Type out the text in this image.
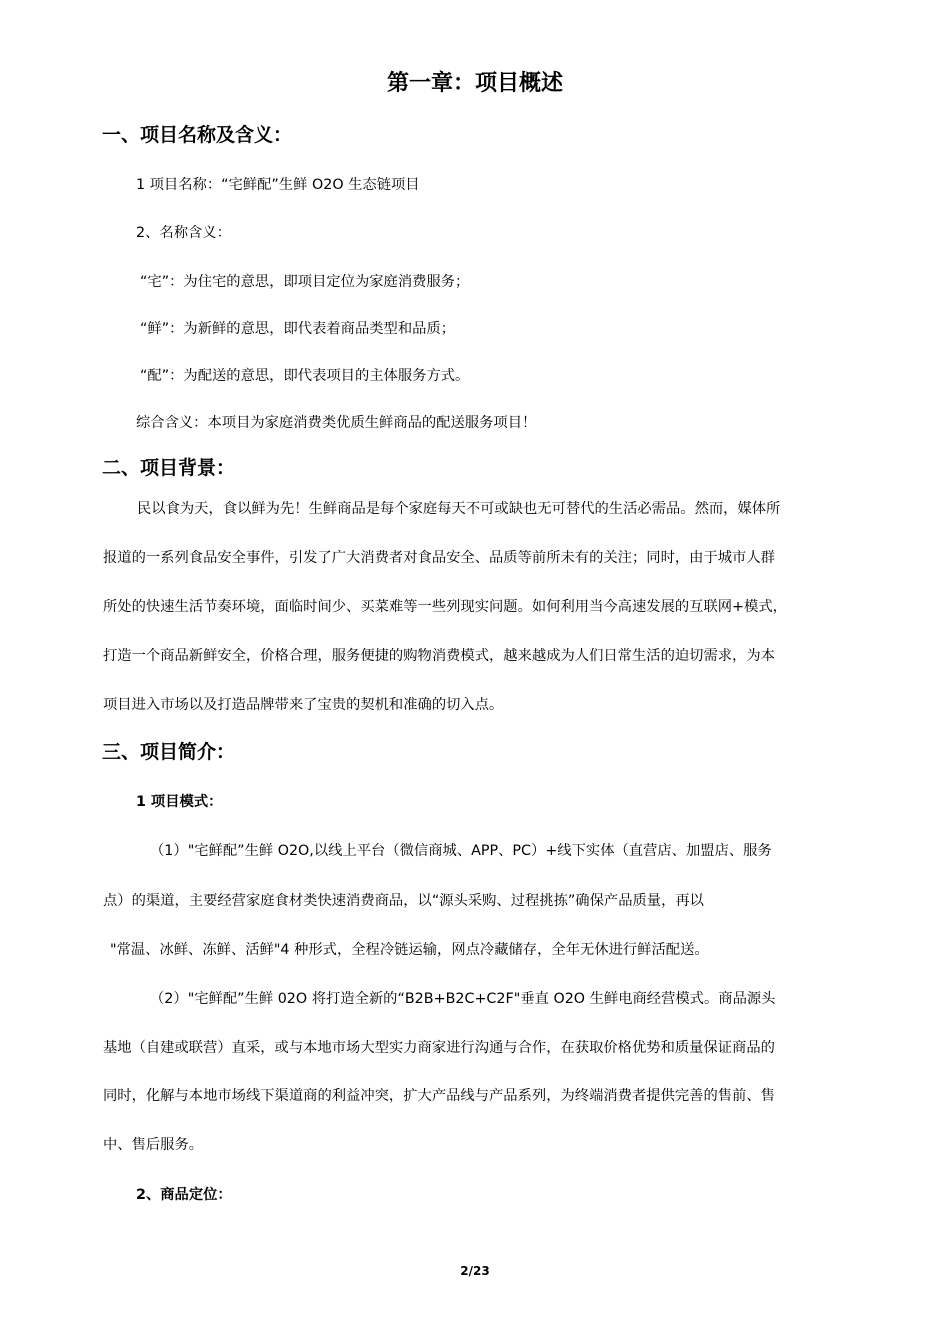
第一章：项目概述
一、项目名称及含义：

1 项目名称：“宅鲜配”生鲜 O2O 生态链项目

2、名称含义：

“宅”：为住宅的意思，即项目定位为家庭消费服务；

“鲜”：为新鲜的意思，即代表着商品类型和品质；

“配”：为配送的意思，即代表项目的主体服务方式。

综合含义：本项目为家庭消费类优质生鲜商品的配送服务项目！

二、项目背景：

民以食为天，食以鲜为先！生鲜商品是每个家庭每天不可或缺也无可替代的生活必需品。然而，媒体所

报道的一系列食品安全事件，引发了广大消费者对食品安全、品质等前所未有的关注；同时，由于城市人群

所处的快速生活节奏环境，面临时间少、买菜难等一些列现实问题。如何利用当今高速发展的互联网+模式，

打造一个商品新鲜安全，价格合理，服务便捷的购物消费模式，越来越成为人们日常生活的迫切需求，为本

项目进入市场以及打造品牌带来了宝贵的契机和准确的切入点。

三、项目简介：

1 项目模式：

（1）"宅鲜配”生鲜 O2O,以线上平台（微信商城、APP、PC）+线下实体（直营店、加盟店、服务

点）的渠道，主要经营家庭食材类快速消费商品，以“源头采购、过程挑拣”确保产品质量，再以

"常温、冰鲜、冻鲜、活鲜"4 种形式，全程冷链运输，网点冷藏储存，全年无休进行鲜活配送。

（2）"宅鲜配”生鲜 02O 将打造全新的“B2B+B2C+C2F"垂直 O2O 生鲜电商经营模式。商品源头

基地（自建或联营）直采，或与本地市场大型实力商家进行沟通与合作，在获取价格优势和质量保证商品的

同时，化解与本地市场线下渠道商的利益冲突，扩大产品线与产品系列，为终端消费者提供完善的售前、售

中、售后服务。

2、商品定位：

2/23
